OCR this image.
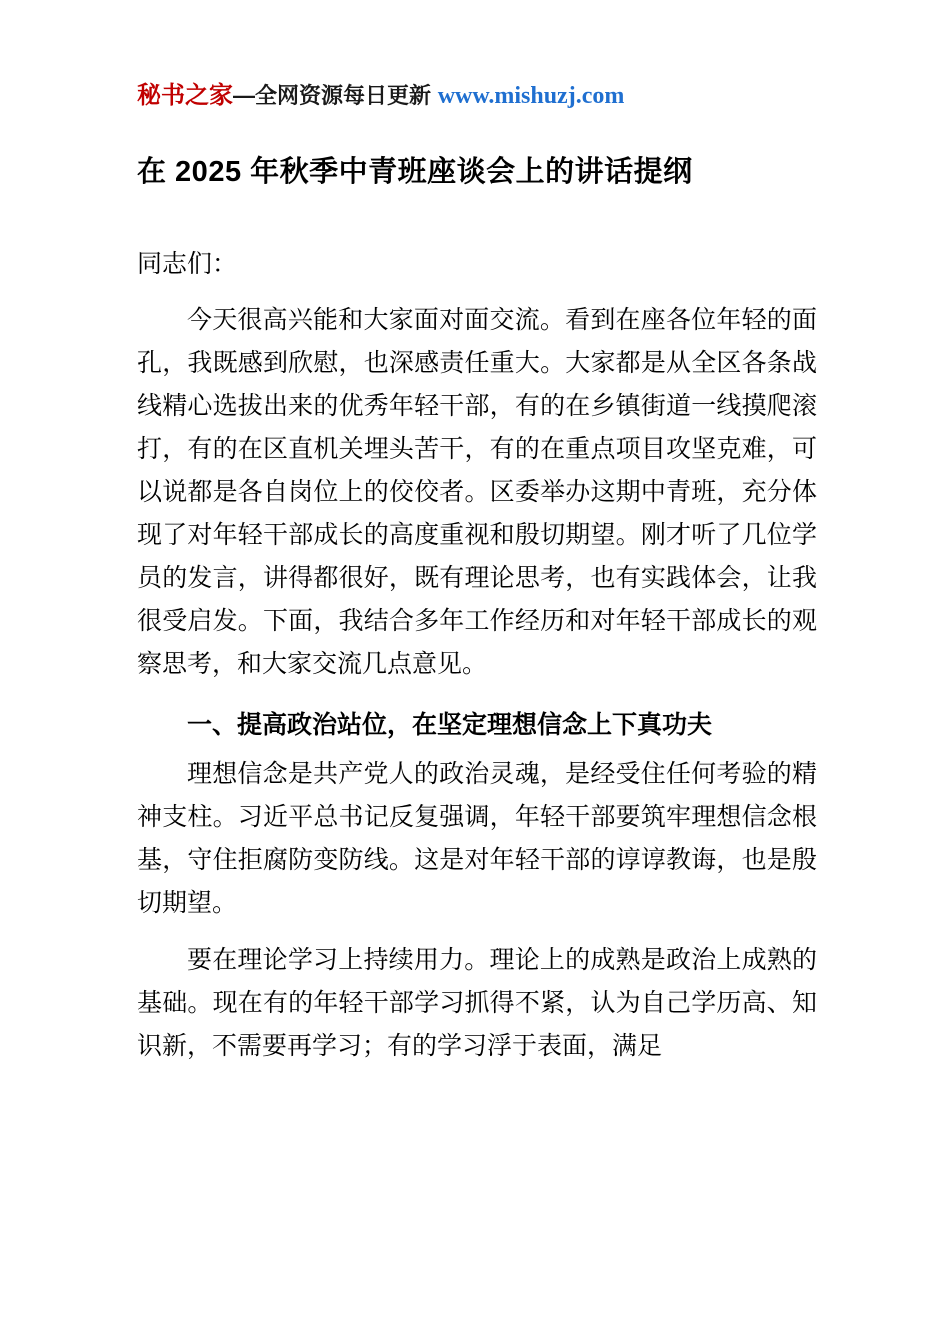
秘书之家—全网资源每日更新 www.mishuzj.com
在 2025 年秋季中青班座谈会上的讲话提纲
同志们：

今天很高兴能和大家面对面交流。看到在座各位年轻的面孔，我既感到欣慰，也深感责任重大。大家都是从全区各条战线精心选拔出来的优秀年轻干部，有的在乡镇街道一线摸爬滚打，有的在区直机关埋头苦干，有的在重点项目攻坚克难，可以说都是各自岗位上的佼佼者。区委举办这期中青班，充分体现了对年轻干部成长的高度重视和殷切期望。刚才听了几位学员的发言，讲得都很好，既有理论思考，也有实践体会，让我很受启发。下面，我结合多年工作经历和对年轻干部成长的观察思考，和大家交流几点意见。

一、提高政治站位，在坚定理想信念上下真功夫

理想信念是共产党人的政治灵魂，是经受住任何考验的精神支柱。习近平总书记反复强调，年轻干部要筑牢理想信念根基，守住拒腐防变防线。这是对年轻干部的谆谆教诲，也是殷切期望。

要在理论学习上持续用力。理论上的成熟是政治上成熟的基础。现在有的年轻干部学习抓得不紧，认为自己学历高、知识新，不需要再学习；有的学习浮于表面，满足
